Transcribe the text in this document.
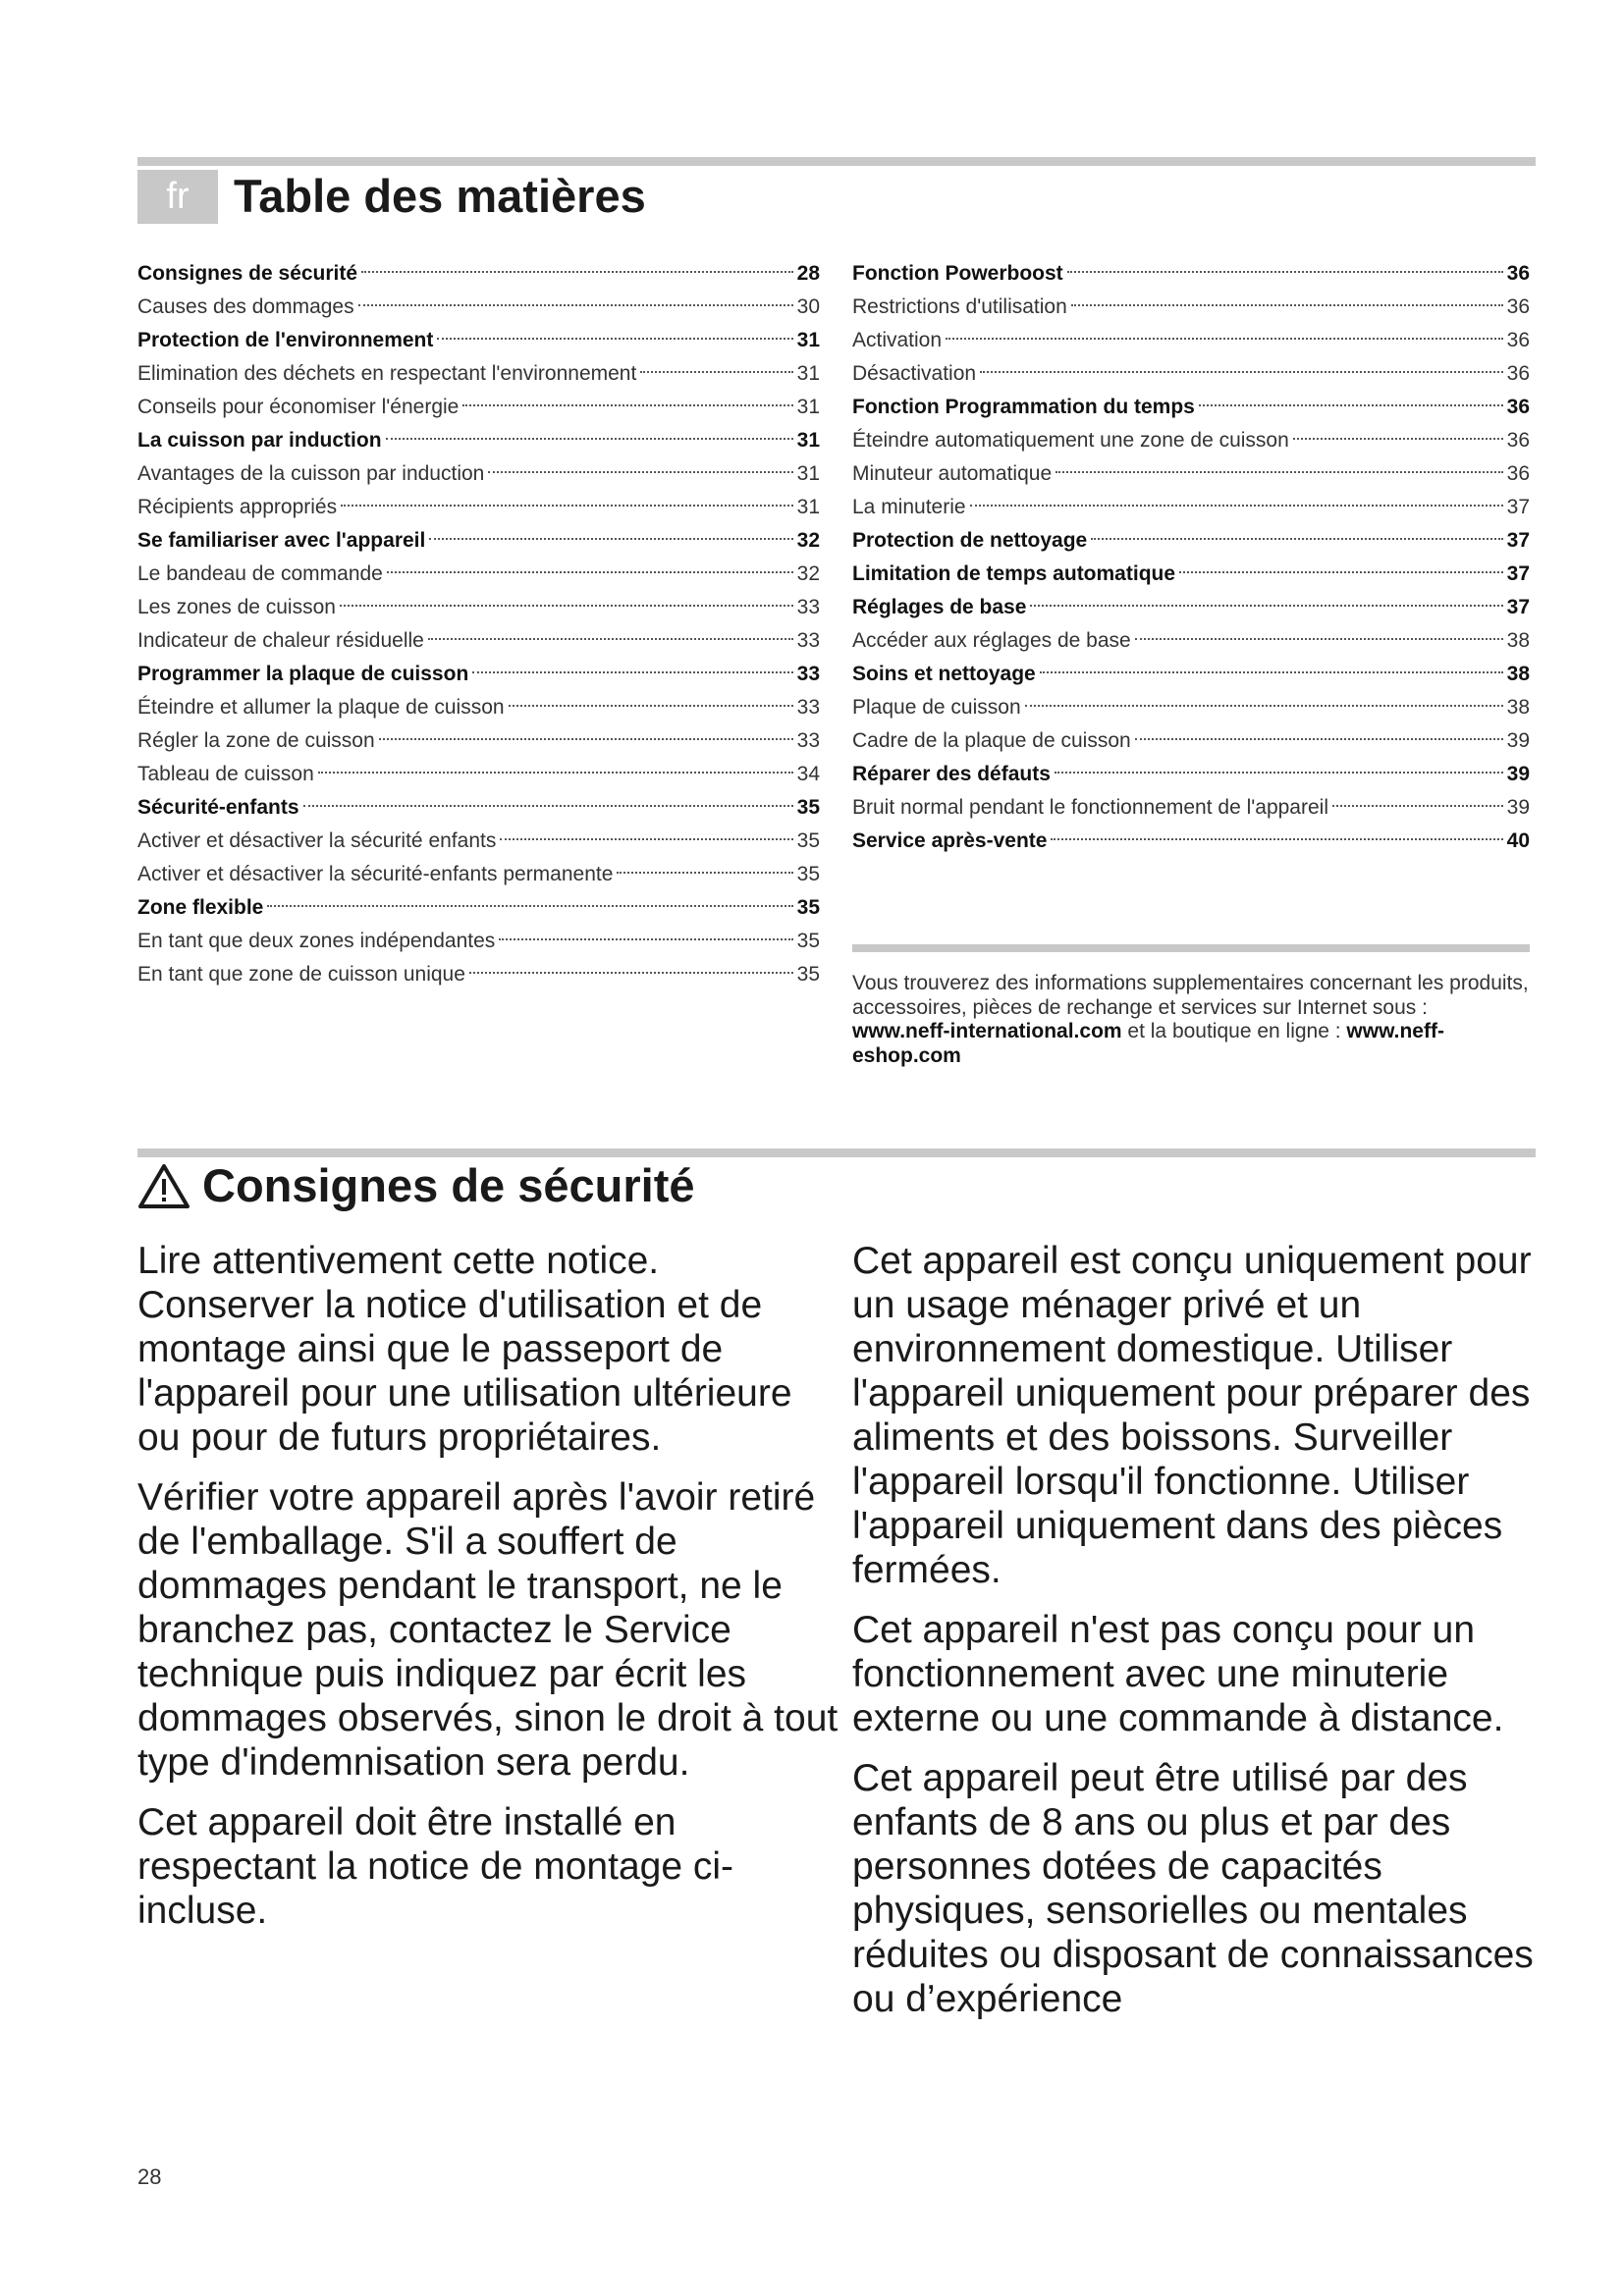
fr Table des matières
Consignes de sécurité	28
Causes des dommages	30
Protection de l'environnement	31
Elimination des déchets en respectant l'environnement	31
Conseils pour économiser l'énergie	31
La cuisson par induction	31
Avantages de la cuisson par induction	31
Récipients appropriés	31
Se familiariser avec l'appareil	32
Le bandeau de commande	32
Les zones de cuisson	33
Indicateur de chaleur résiduelle	33
Programmer la plaque de cuisson	33
Éteindre et allumer la plaque de cuisson	33
Régler la zone de cuisson	33
Tableau de cuisson	34
Sécurité-enfants	35
Activer et désactiver la sécurité enfants	35
Activer et désactiver la sécurité-enfants permanente	35
Zone flexible	35
En tant que deux zones indépendantes	35
En tant que zone de cuisson unique	35
Fonction Powerboost	36
Restrictions d'utilisation	36
Activation	36
Désactivation	36
Fonction Programmation du temps	36
Éteindre automatiquement une zone de cuisson	36
Minuteur automatique	36
La minuterie	37
Protection de nettoyage	37
Limitation de temps automatique	37
Réglages de base	37
Accéder aux réglages de base	38
Soins et nettoyage	38
Plaque de cuisson	38
Cadre de la plaque de cuisson	39
Réparer des défauts	39
Bruit normal pendant le fonctionnement de l'appareil	39
Service après-vente	40

Vous trouverez des informations supplementaires concernant les produits, accessoires, pièces de rechange et services sur Internet sous : www.neff-international.com et la boutique en ligne : www.neff-eshop.com

Consignes de sécurité

Lire attentivement cette notice. Conserver la notice d'utilisation et de montage ainsi que le passeport de l'appareil pour une utilisation ultérieure ou pour de futurs propriétaires.

Vérifier votre appareil après l'avoir retiré de l'emballage. S'il a souffert de dommages pendant le transport, ne le branchez pas, contactez le Service technique puis indiquez par écrit les dommages observés, sinon le droit à tout type d'indemnisation sera perdu.

Cet appareil doit être installé en respectant la notice de montage ci-incluse.

Cet appareil est conçu uniquement pour un usage ménager privé et un environnement domestique. Utiliser l'appareil uniquement pour préparer des aliments et des boissons. Surveiller l'appareil lorsqu'il fonctionne. Utiliser l'appareil uniquement dans des pièces fermées.

Cet appareil n'est pas conçu pour un fonctionnement avec une minuterie externe ou une commande à distance.

Cet appareil peut être utilisé par des enfants de 8 ans ou plus et par des personnes dotées de capacités physiques, sensorielles ou mentales réduites ou disposant de connaissances ou d’expérience

28
